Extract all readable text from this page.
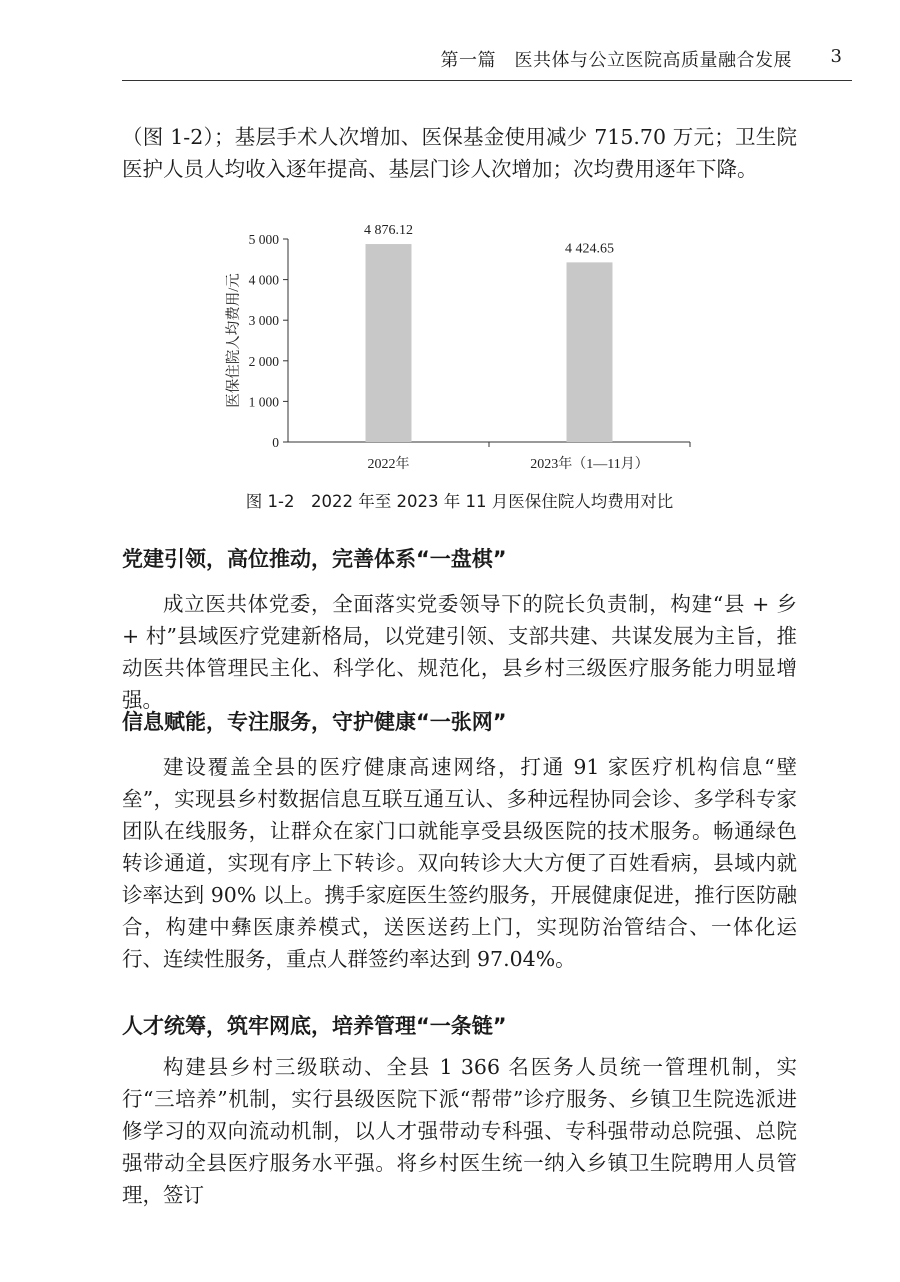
第一篇　医共体与公立医院高质量融合发展 3

（图 1-2）；基层手术人次增加、医保基金使用减少 715.70 万元；卫生院医护人员人均收入逐年提高、基层门诊人次增加；次均费用逐年下降。

0
1 000
2 000
3 000
4 000
5 000
医保住院人均费用/元
4 876.12
2022年
4 424.65
2023年（1—11月）
图 1-2　2022 年至 2023 年 11 月医保住院人均费用对比
党建引领，高位推动，完善体系“一盘棋”

成立医共体党委，全面落实党委领导下的院长负责制，构建“县 + 乡 + 村”县域医疗党建新格局，以党建引领、支部共建、共谋发展为主旨，推动医共体管理民主化、科学化、规范化，县乡村三级医疗服务能力明显增强。

信息赋能，专注服务，守护健康“一张网”

建设覆盖全县的医疗健康高速网络，打通 91 家医疗机构信息“壁垒”，实现县乡村数据信息互联互通互认、多种远程协同会诊、多学科专家团队在线服务，让群众在家门口就能享受县级医院的技术服务。畅通绿色转诊通道，实现有序上下转诊。双向转诊大大方便了百姓看病，县域内就诊率达到 90% 以上。携手家庭医生签约服务，开展健康促进，推行医防融合，构建中彝医康养模式，送医送药上门，实现防治管结合、一体化运行、连续性服务，重点人群签约率达到 97.04%。

人才统筹，筑牢网底，培养管理“一条链”

构建县乡村三级联动、全县 1 366 名医务人员统一管理机制，实行“三培养”机制，实行县级医院下派“帮带”诊疗服务、乡镇卫生院选派进修学习的双向流动机制，以人才强带动专科强、专科强带动总院强、总院强带动全县医疗服务水平强。将乡村医生统一纳入乡镇卫生院聘用人员管理，签订
